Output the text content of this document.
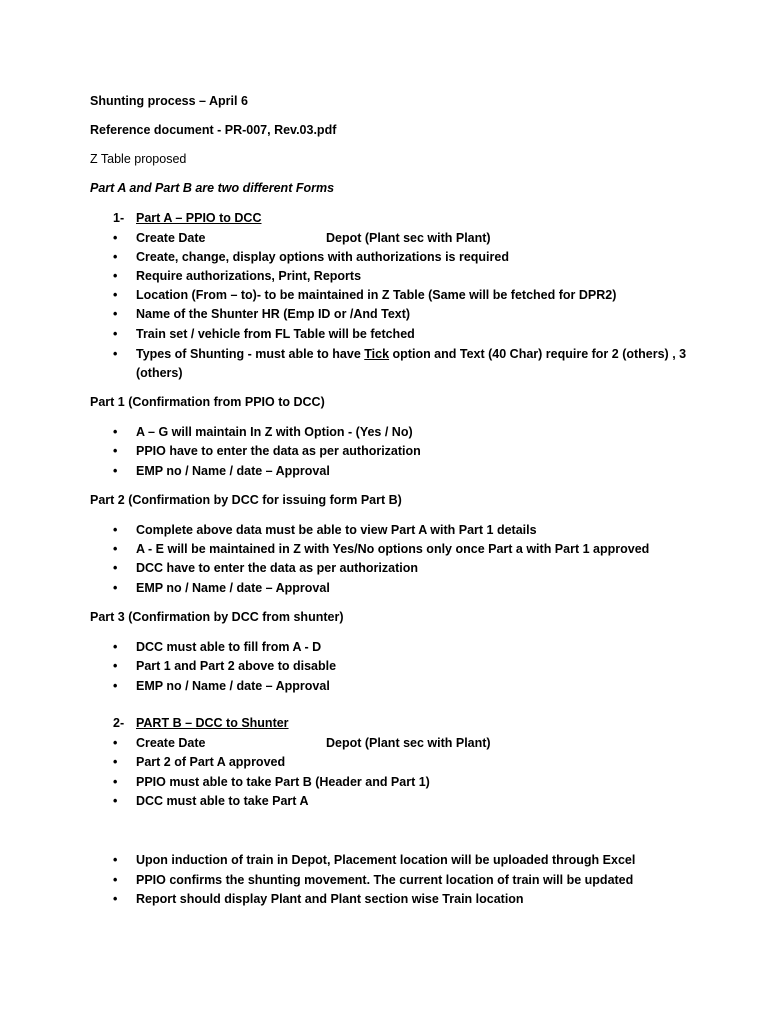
Shunting process – April 6
Reference document - PR-007, Rev.03.pdf
Z Table proposed
Part A and Part B are two different Forms
1- Part A – PPIO to DCC
• Create Date	Depot (Plant sec with Plant)
• Create, change, display options with authorizations is required
• Require authorizations, Print, Reports
• Location (From – to)- to be maintained in Z Table (Same will be fetched for DPR2)
• Name of the Shunter HR (Emp ID or /And Text)
• Train set / vehicle from FL Table will be fetched
• Types of Shunting - must able to have Tick option and Text (40 Char) require for 2 (others) , 3
(others)
Part 1 (Confirmation from PPIO to DCC)
• A – G will maintain In Z with Option - (Yes / No)
• PPIO have to enter the data as per authorization
• EMP no / Name / date – Approval
Part 2 (Confirmation by DCC for issuing form Part B)
• Complete above data must be able to view Part A with Part 1 details
• A - E will be maintained in Z with Yes/No options only once Part a with Part 1 approved
• DCC have to enter the data as per authorization
• EMP no / Name / date – Approval
Part 3 (Confirmation by DCC from shunter)
• DCC must able to fill from A - D
• Part 1 and Part 2 above to disable
• EMP no / Name / date – Approval
2- PART B – DCC to Shunter
• Create Date	Depot (Plant sec with Plant)
• Part 2 of Part A approved
• PPIO must able to take Part B (Header and Part 1)
• DCC must able to take Part A
• Upon induction of train in Depot, Placement location will be uploaded through Excel
• PPIO confirms the shunting movement. The current location of train will be updated
• Report should display Plant and Plant section wise Train location
